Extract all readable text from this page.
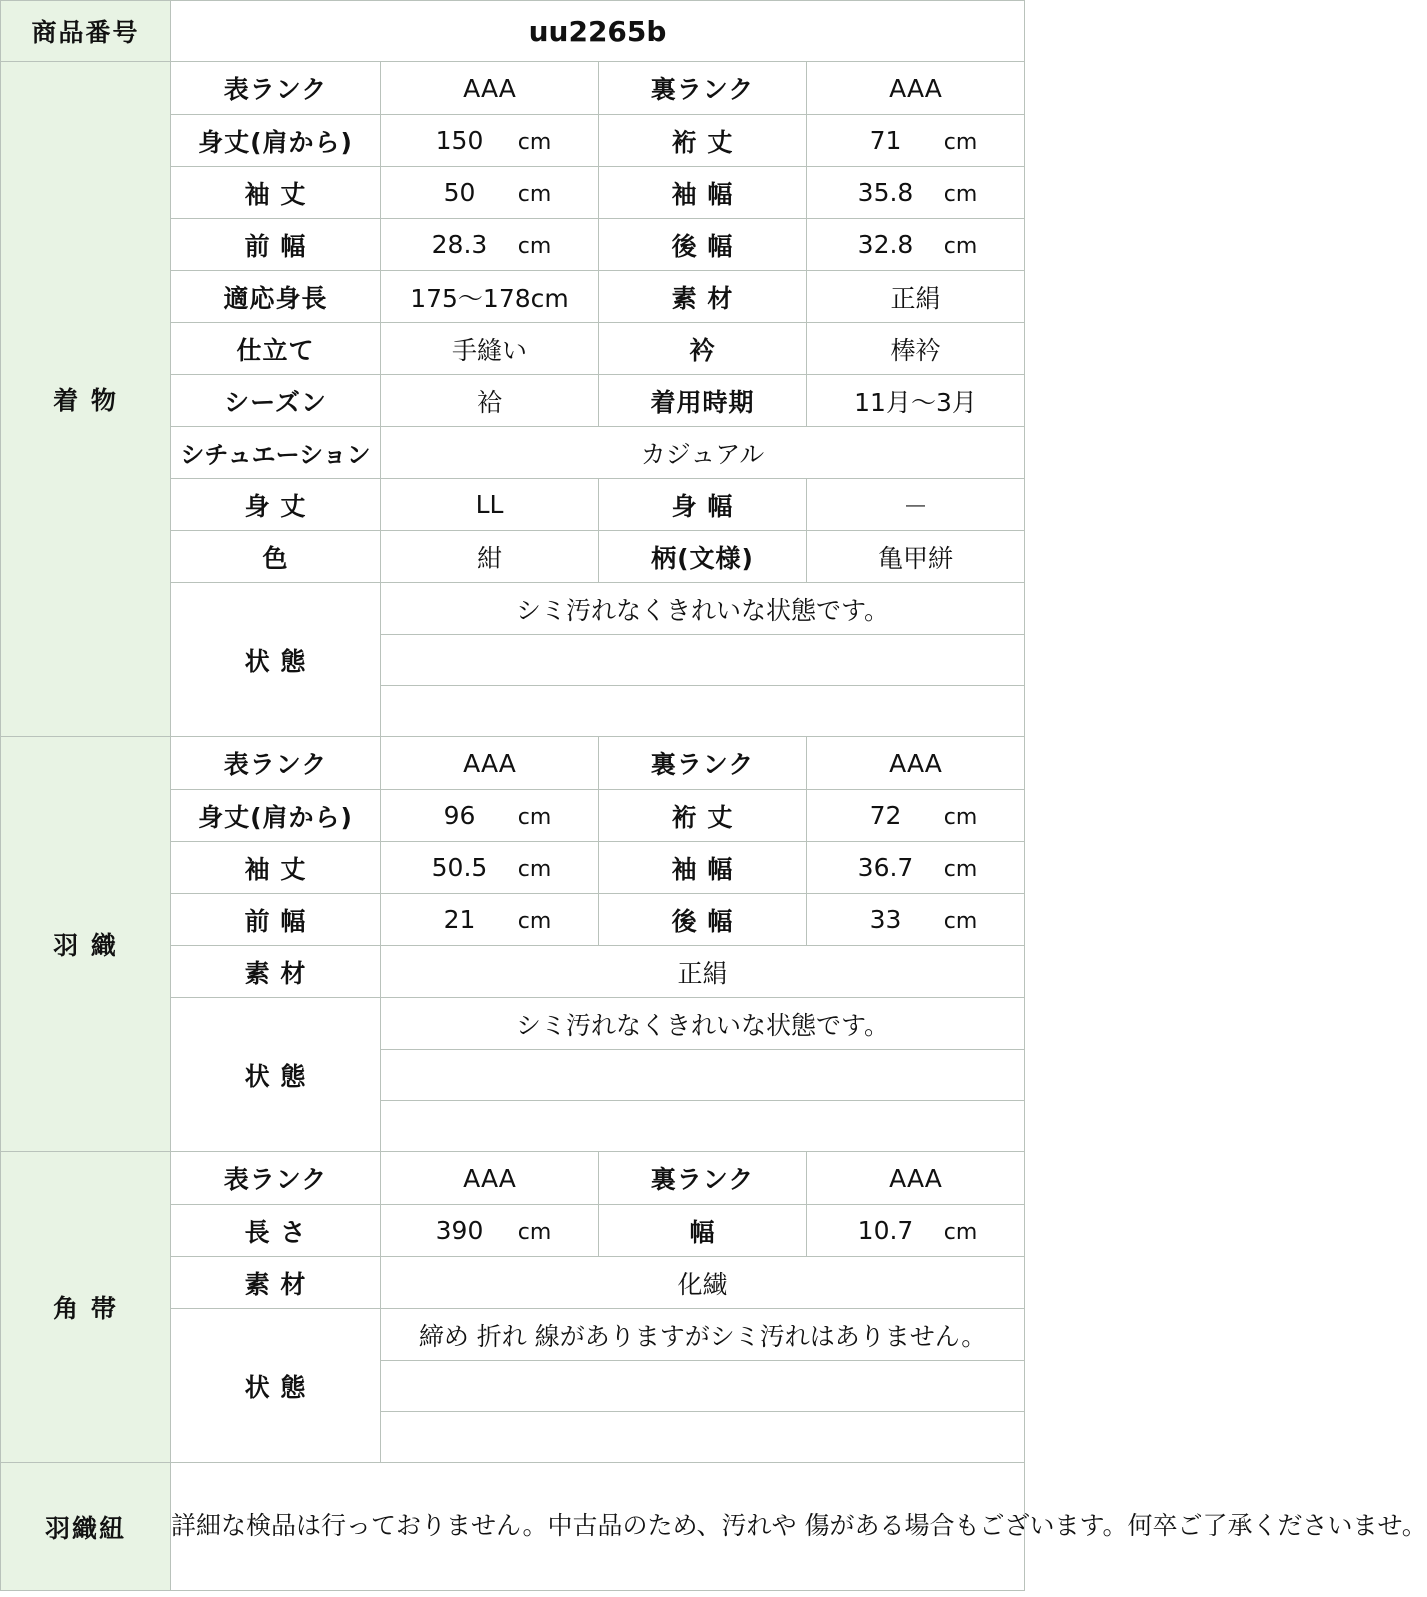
商品番号	uu2265b			
着 物	表ランク	AAA	裏ランク	AAA
	身丈(肩から)	150 cm	裄 丈	71 cm
	袖 丈	50 cm	袖 幅	35.8 cm
	前 幅	28.3 cm	後 幅	32.8 cm
	適応身長	175～178cm	素 材	正絹
	仕立て	手縫い	衿	棒衿
	シーズン	袷	着用時期	11月～3月
	シチュエーション	カジュアル		
	身 丈	LL	身 幅	－
	色	紺	柄(文様)	亀甲絣
	状 態	シミ汚れなくきれいな状態です。		

羽 織	表ランク	AAA	裏ランク	AAA
	身丈(肩から)	96 cm	裄 丈	72 cm
	袖 丈	50.5 cm	袖 幅	36.7 cm
	前 幅	21 cm	後 幅	33 cm
	素 材	正絹		
	状 態	シミ汚れなくきれいな状態です。		

角 帯	表ランク	AAA	裏ランク	AAA
	長 さ	390 cm	幅	10.7 cm
	素 材	化繊		
	状 態	締め 折れ 線がありますがシミ汚れはありません。		

羽織紐	詳細な検品は行っておりません。中古品のため、汚れや 傷がある場合もございます。何卒ご了承くださいませ。			
